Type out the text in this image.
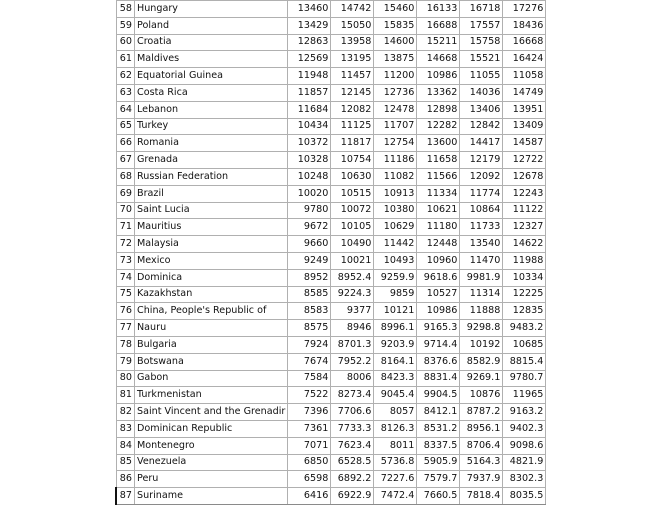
58	Hungary	13460	14742	15460	16133	16718	17276
59	Poland	13429	15050	15835	16688	17557	18436
60	Croatia	12863	13958	14600	15211	15758	16668
61	Maldives	12569	13195	13875	14668	15521	16424
62	Equatorial Guinea	11948	11457	11200	10986	11055	11058
63	Costa Rica	11857	12145	12736	13362	14036	14749
64	Lebanon	11684	12082	12478	12898	13406	13951
65	Turkey	10434	11125	11707	12282	12842	13409
66	Romania	10372	11817	12754	13600	14417	14587
67	Grenada	10328	10754	11186	11658	12179	12722
68	Russian Federation	10248	10630	11082	11566	12092	12678
69	Brazil	10020	10515	10913	11334	11774	12243
70	Saint Lucia	9780	10072	10380	10621	10864	11122
71	Mauritius	9672	10105	10629	11180	11733	12327
72	Malaysia	9660	10490	11442	12448	13540	14622
73	Mexico	9249	10021	10493	10960	11470	11988
74	Dominica	8952	8952.4	9259.9	9618.6	9981.9	10334
75	Kazakhstan	8585	9224.3	9859	10527	11314	12225
76	China, People's Republic of	8583	9377	10121	10986	11888	12835
77	Nauru	8575	8946	8996.1	9165.3	9298.8	9483.2
78	Bulgaria	7924	8701.3	9203.9	9714.4	10192	10685
79	Botswana	7674	7952.2	8164.1	8376.6	8582.9	8815.4
80	Gabon	7584	8006	8423.3	8831.4	9269.1	9780.7
81	Turkmenistan	7522	8273.4	9045.4	9904.5	10876	11965
82	Saint Vincent and the Grenadir	7396	7706.6	8057	8412.1	8787.2	9163.2
83	Dominican Republic	7361	7733.3	8126.3	8531.2	8956.1	9402.3
84	Montenegro	7071	7623.4	8011	8337.5	8706.4	9098.6
85	Venezuela	6850	6528.5	5736.8	5905.9	5164.3	4821.9
86	Peru	6598	6892.2	7227.6	7579.7	7937.9	8302.3
87	Suriname	6416	6922.9	7472.4	7660.5	7818.4	8035.5
